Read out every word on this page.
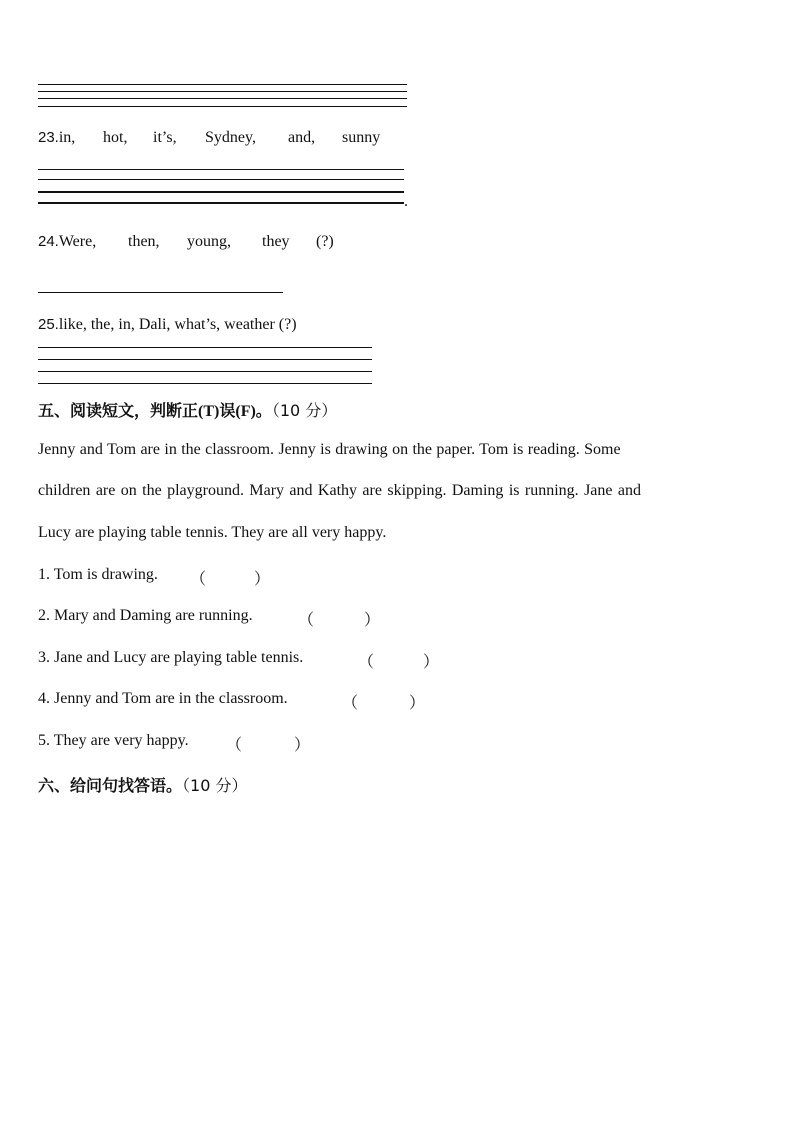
23.in, hot, it’s, Sydney, and, sunny
.
24.Were, then, young, they (?)
25.like, the, in, Dali, what’s, weather (?)
五、阅读短文，判断正(T)误(F)。（10 分）
Jenny and Tom are in the classroom. Jenny is drawing on the paper. Tom is reading. Some
children are on the playground. Mary and Kathy are skipping. Daming is running. Jane and
Lucy are playing table tennis. They are all very happy.
1. Tom is drawing. （	）
2. Mary and Daming are running.	（	）
3. Jane and Lucy are playing table tennis.	（	）
4. Jenny and Tom are in the classroom.	（	）
5. They are very happy. （	）
六、给问句找答语。（10 分）
